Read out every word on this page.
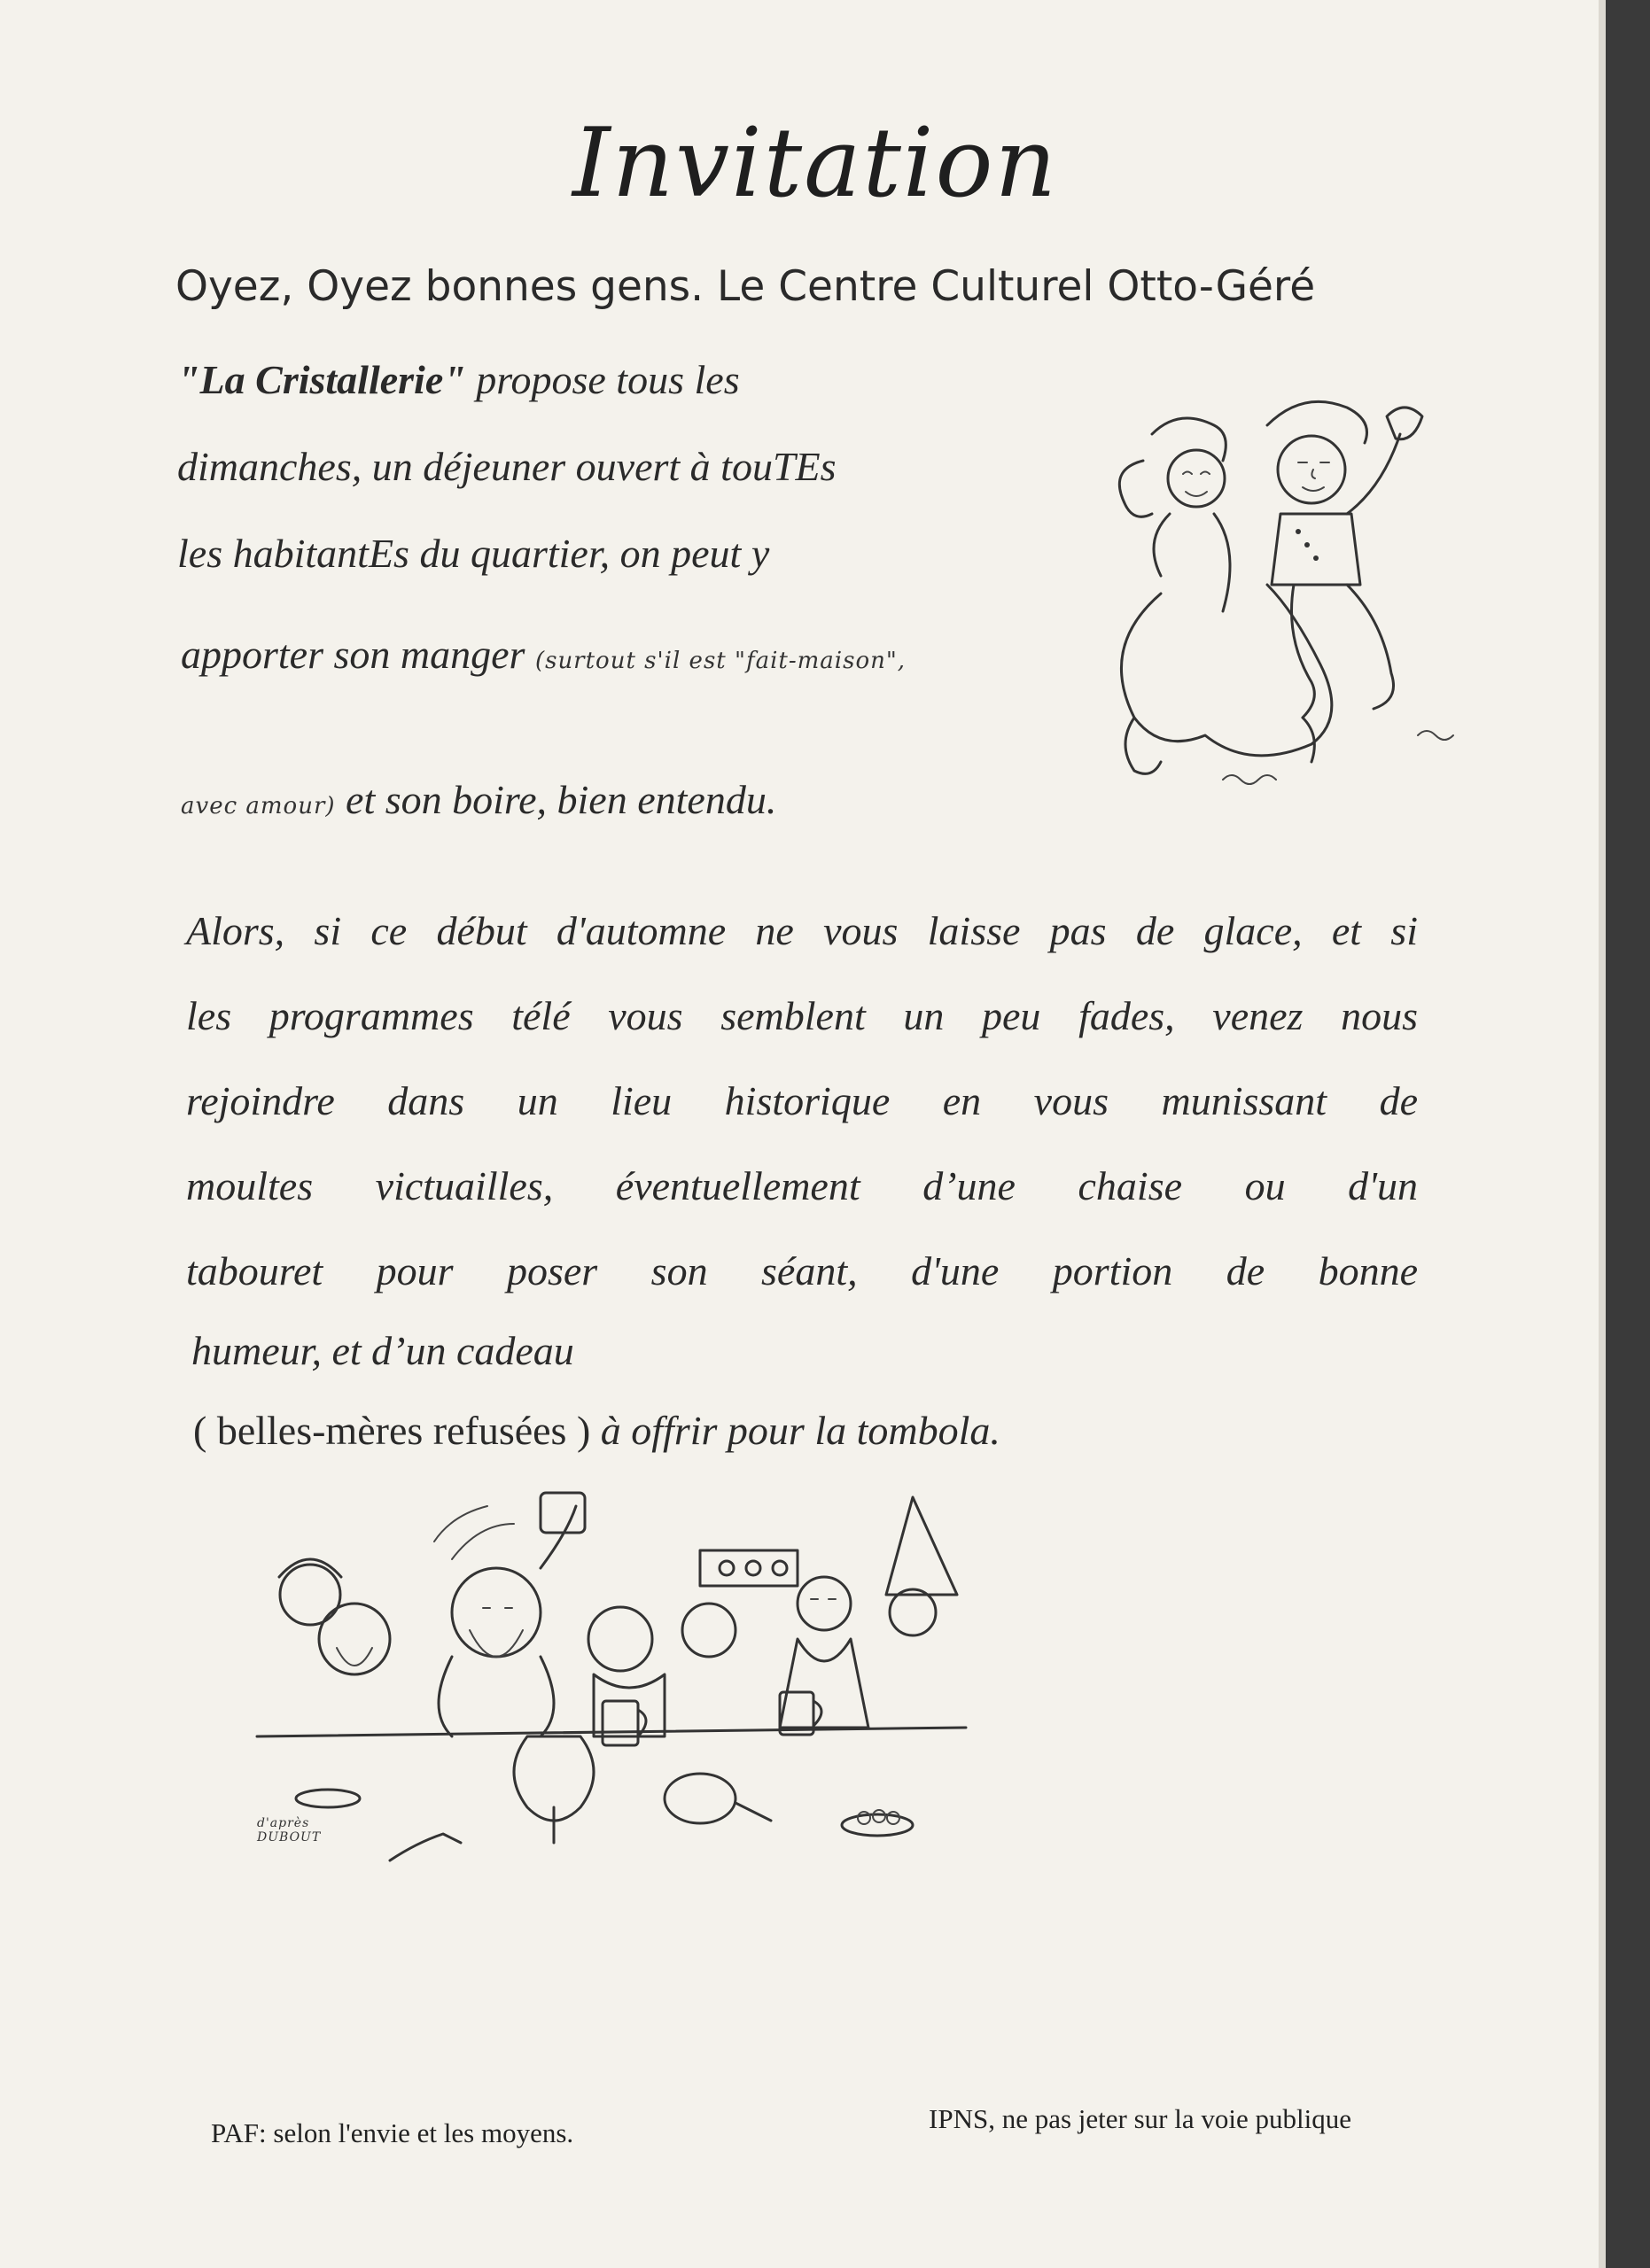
Invitation
Oyez, Oyez bonnes gens. Le Centre Culturel Otto-Géré
"La Cristallerie" propose tous les
dimanches, un déjeuner ouvert à touTEs
les habitantEs du quartier, on peut y
apporter son manger (surtout s'il est "fait-maison",
avec amour) et son boire, bien entendu.
Alors, si ce début d'automne ne vous laisse pas de glace, et si
les programmes télé vous semblent un peu fades, venez nous
rejoindre dans un lieu historique en vous munissant de
moultes victuailles, éventuellement d’une chaise ou d'un
tabouret pour poser son séant, d'une portion de bonne
humeur, et d’un cadeau
( belles-mères refusées ) à offrir pour la tombola.
d'après DUBOUT
PAF: selon l'envie et les moyens.	IPNS, ne pas jeter sur la voie publique
